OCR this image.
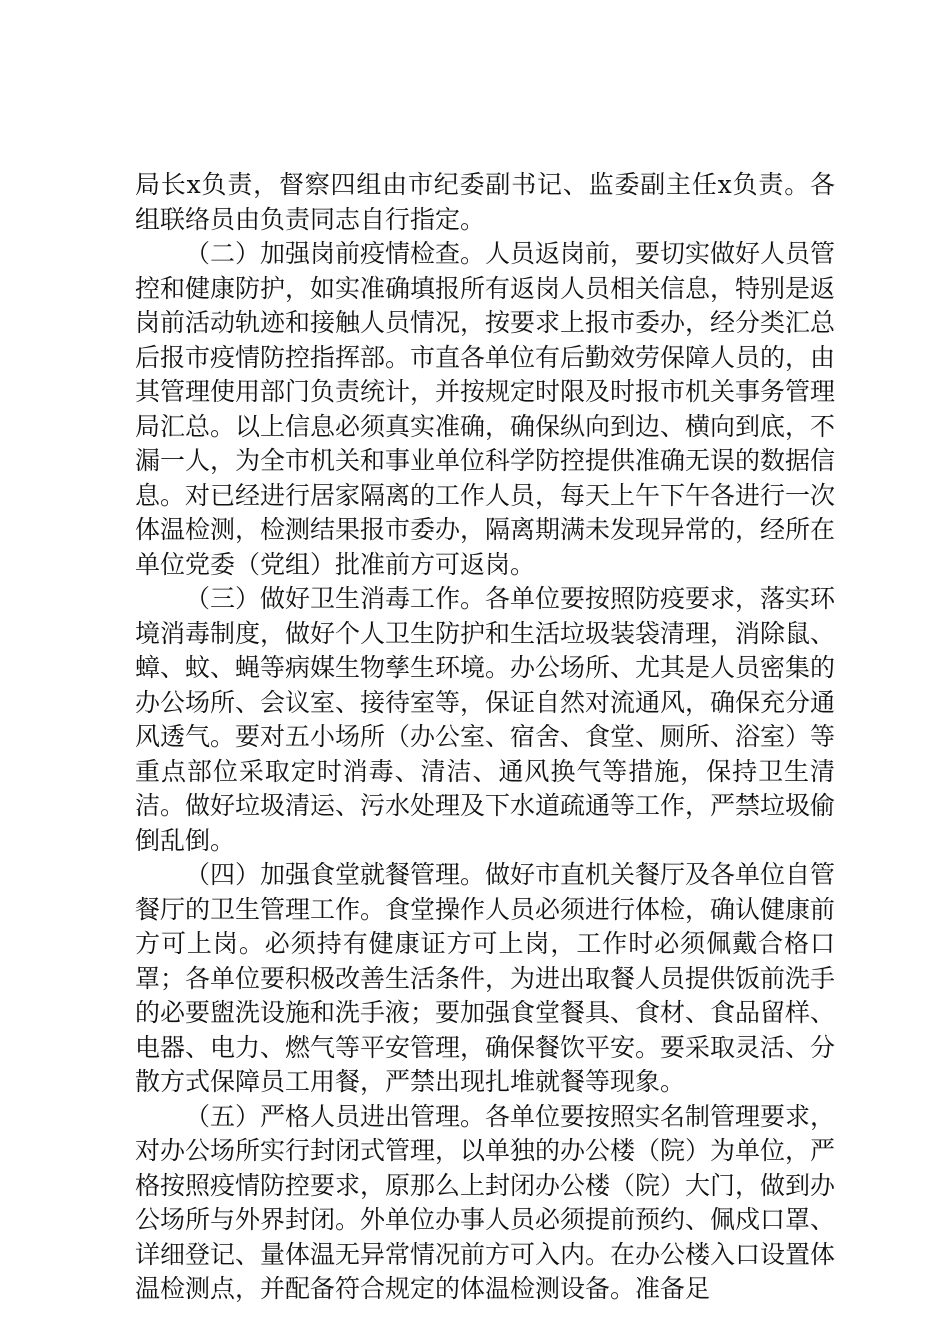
局长x负责，督察四组由市纪委副书记、监委副主任x负责。各组联络员由负责同志自行指定。

（二）加强岗前疫情检查。人员返岗前，要切实做好人员管控和健康防护，如实准确填报所有返岗人员相关信息，特别是返岗前活动轨迹和接触人员情况，按要求上报市委办，经分类汇总后报市疫情防控指挥部。市直各单位有后勤效劳保障人员的，由其管理使用部门负责统计，并按规定时限及时报市机关事务管理局汇总。以上信息必须真实准确，确保纵向到边、横向到底，不漏一人，为全市机关和事业单位科学防控提供准确无误的数据信息。对已经进行居家隔离的工作人员，每天上午下午各进行一次体温检测，检测结果报市委办，隔离期满未发现异常的，经所在单位党委（党组）批准前方可返岗。

（三）做好卫生消毒工作。各单位要按照防疫要求，落实环境消毒制度，做好个人卫生防护和生活垃圾装袋清理，消除鼠、蟑、蚊、蝇等病媒生物孳生环境。办公场所、尤其是人员密集的办公场所、会议室、接待室等，保证自然对流通风，确保充分通风透气。要对五小场所（办公室、宿舍、食堂、厕所、浴室）等重点部位采取定时消毒、清洁、通风换气等措施，保持卫生清洁。做好垃圾清运、污水处理及下水道疏通等工作，严禁垃圾偷倒乱倒。

（四）加强食堂就餐管理。做好市直机关餐厅及各单位自管餐厅的卫生管理工作。食堂操作人员必须进行体检，确认健康前方可上岗。必须持有健康证方可上岗，工作时必须佩戴合格口罩；各单位要积极改善生活条件，为进出取餐人员提供饭前洗手的必要盥洗设施和洗手液；要加强食堂餐具、食材、食品留样、电器、电力、燃气等平安管理，确保餐饮平安。要采取灵活、分散方式保障员工用餐，严禁出现扎堆就餐等现象。

（五）严格人员进出管理。各单位要按照实名制管理要求，对办公场所实行封闭式管理，以单独的办公楼（院）为单位，严格按照疫情防控要求，原那么上封闭办公楼（院）大门，做到办公场所与外界封闭。外单位办事人员必须提前预约、佩戍口罩、详细登记、量体温无异常情况前方可入内。在办公楼入口设置体温检测点，并配备符合规定的体温检测设备。准备足
